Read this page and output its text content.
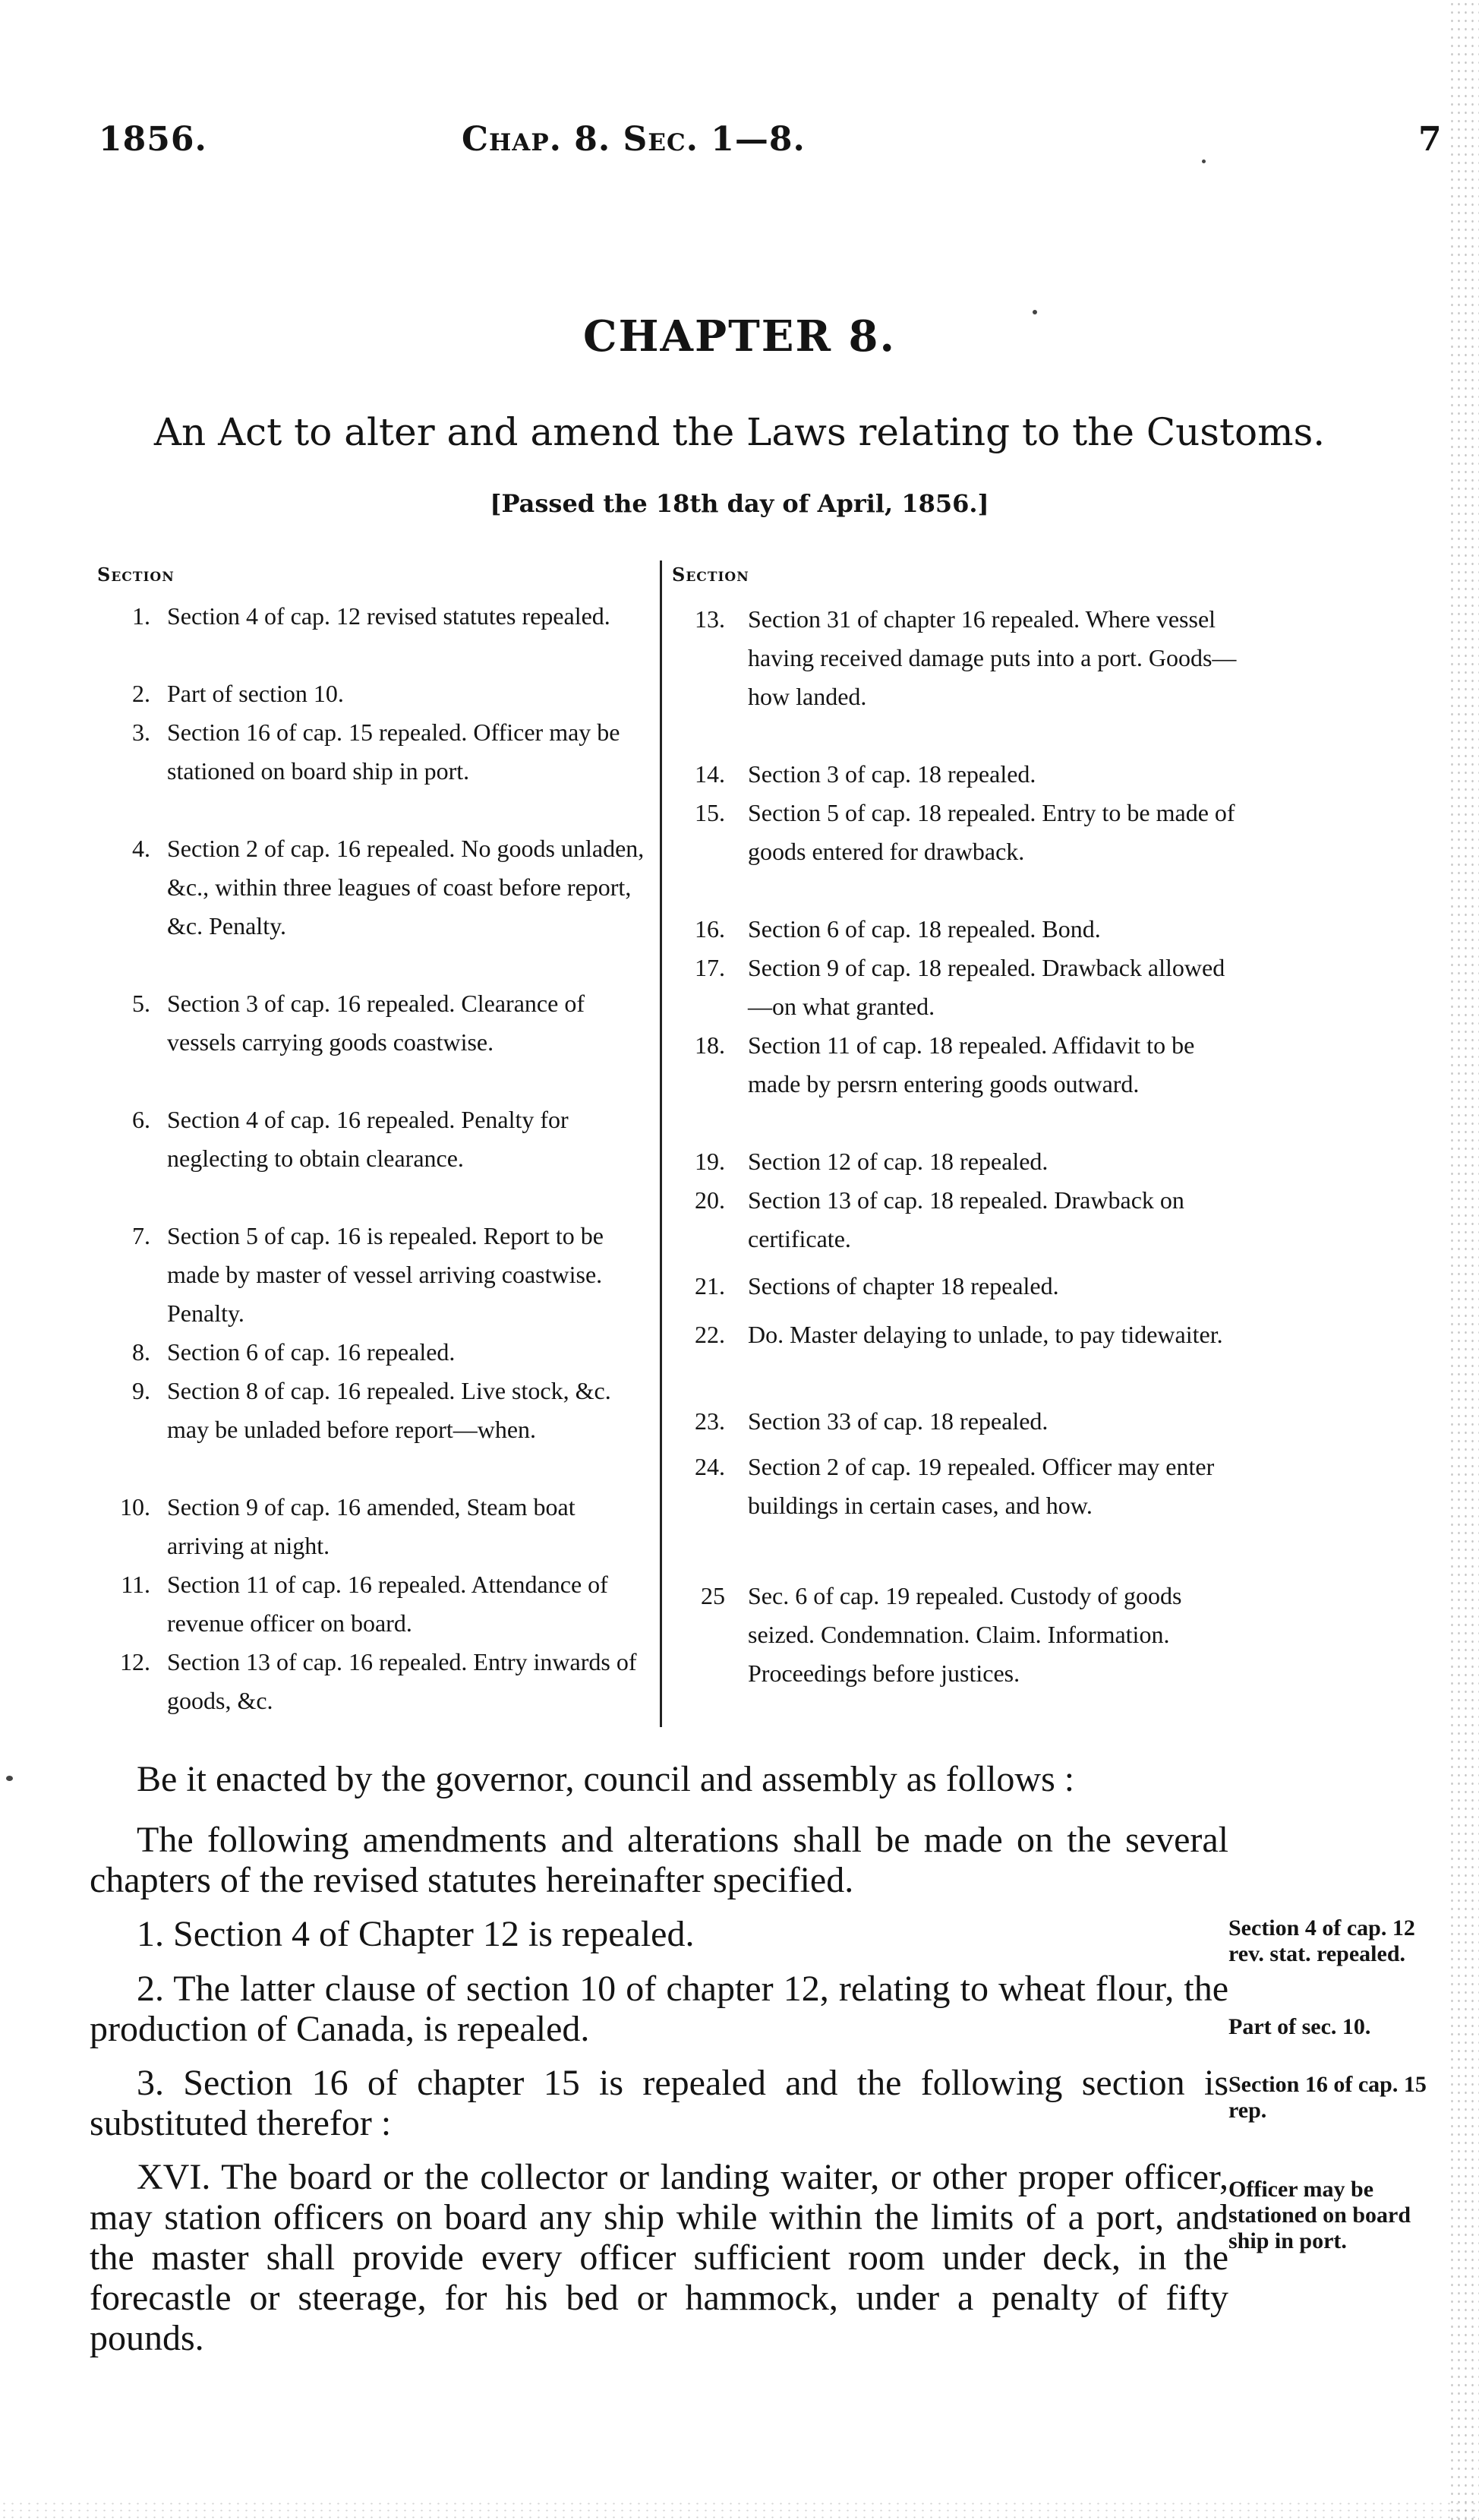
1856.	Chap. 8. Sec. 1—8.	7
CHAPTER 8.
An Act to alter and amend the Laws relating to the Customs.
[Passed the 18th day of April, 1856.]
Section	Section
1. Section 4 of cap. 12 revised statutes repealed.
2. Part of section 10.
3. Section 16 of cap. 15 repealed. Officer may be stationed on board ship in port.
4. Section 2 of cap. 16 repealed. No goods unladen, &c., within three leagues of coast before report, &c. Penalty.
5. Section 3 of cap. 16 repealed. Clearance of vessels carrying goods coastwise.
6. Section 4 of cap. 16 repealed. Penalty for neglecting to obtain clearance.
7. Section 5 of cap. 16 is repealed. Report to be made by master of vessel arriving coastwise. Penalty.
8. Section 6 of cap. 16 repealed.
9. Section 8 of cap. 16 repealed. Live stock, &c. may be unladed before report—when.
10. Section 9 of cap. 16 amended, Steam boat arriving at night.
11. Section 11 of cap. 16 repealed. Attendance of revenue officer on board.
12. Section 13 of cap. 16 repealed. Entry inwards of goods, &c.
13. Section 31 of chapter 16 repealed. Where vessel having received damage puts into a port. Goods—how landed.
14. Section 3 of cap. 18 repealed.
15. Section 5 of cap. 18 repealed. Entry to be made of goods entered for drawback.
16. Section 6 of cap. 18 repealed. Bond.
17. Section 9 of cap. 18 repealed. Drawback allowed—on what granted.
18. Section 11 of cap. 18 repealed. Affidavit to be made by persrn entering goods outward.
19. Section 12 of cap. 18 repealed.
20. Section 13 of cap. 18 repealed. Drawback on certificate.
21. Sections of chapter 18 repealed.
22. Do. Master delaying to unlade, to pay tidewaiter.
23. Section 33 of cap. 18 repealed.
24. Section 2 of cap. 19 repealed. Officer may enter buildings in certain cases, and how.
25 Sec. 6 of cap. 19 repealed. Custody of goods seized. Condemnation. Claim. Information. Proceedings before justices.
Be it enacted by the governor, council and assembly as follows :
The following amendments and alterations shall be made on the several chapters of the revised statutes hereinafter specified.
1. Section 4 of Chapter 12 is repealed.
2. The latter clause of section 10 of chapter 12, relating to wheat flour, the production of Canada, is repealed.
3. Section 16 of chapter 15 is repealed and the following section is substituted therefor :
XVI. The board or the collector or landing waiter, or other proper officer, may station officers on board any ship while within the limits of a port, and the master shall provide every officer sufficient room under deck, in the forecastle or steerage, for his bed or hammock, under a penalty of fifty pounds.
Section 4 of cap. 12 rev. stat. repealed.
Part of sec. 10.
Section 16 of cap. 15 rep.
Officer may be stationed on board ship in port.
